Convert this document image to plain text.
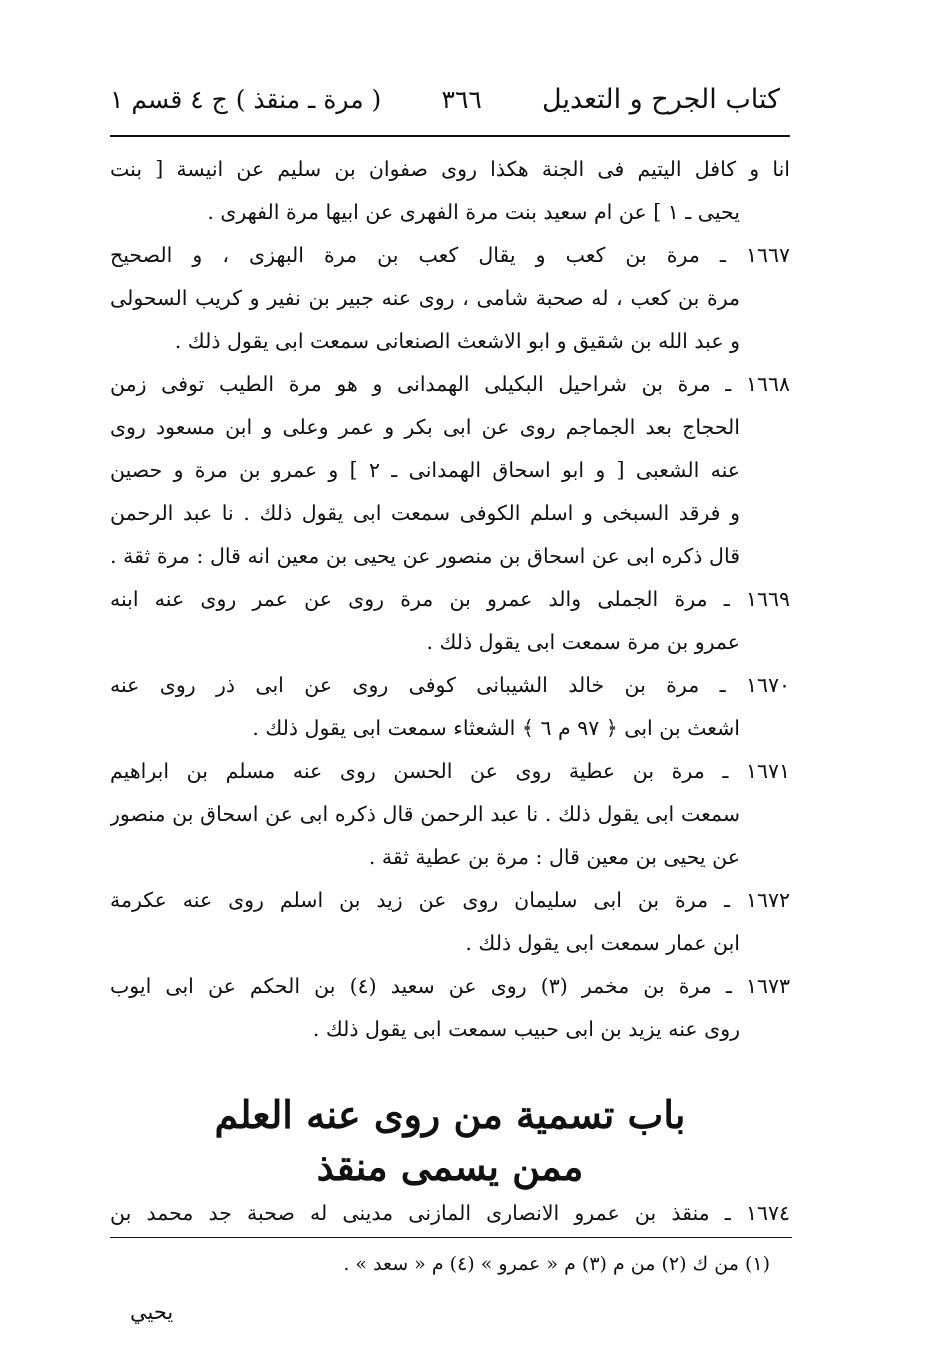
كتاب الجرح و التعديل
٣٦٦
( مرة ـ منقذ ) ج ٤ قسم ١
انا و كافل اليتيم فى الجنة هكذا روى صفوان بن سليم عن انيسة [ بنت
يحيى ـ ١ ] عن ام سعيد بنت مرة الفهرى عن ابيها مرة الفهرى .
١٦٦٧ ـ مرة بن كعب و يقال كعب بن مرة البهزى ، و الصحيح
مرة بن كعب ، له صحبة شامى ، روى عنه جبير بن نفير و كريب السحولى
و عبد الله بن شقيق و ابو الاشعث الصنعانى سمعت ابى يقول ذلك .
١٦٦٨ ـ مرة بن شراحيل البكيلى الهمدانى و هو مرة الطيب توفى زمن
الحجاج بعد الجماجم روى عن ابى بكر و عمر وعلى و ابن مسعود روى
عنه الشعبى [ و ابو اسحاق الهمدانى ـ ٢ ] و عمرو بن مرة و حصين
و فرقد السبخى و اسلم الكوفى سمعت ابى يقول ذلك . نا عبد الرحمن
قال ذكره ابى عن اسحاق بن منصور عن يحيى بن معين انه قال : مرة ثقة .
١٦٦٩ ـ مرة الجملى والد عمرو بن مرة روى عن عمر روى عنه ابنه
عمرو بن مرة سمعت ابى يقول ذلك .
١٦٧٠ ـ مرة بن خالد الشيبانى كوفى روى عن ابى ذر روى عنه
اشعث بن ابى ﴿ ٩٧ م ٦ ﴾ الشعثاء سمعت ابى يقول ذلك .
١٦٧١ ـ مرة بن عطية روى عن الحسن روى عنه مسلم بن ابراهيم
سمعت ابى يقول ذلك . نا عبد الرحمن قال ذكره ابى عن اسحاق بن منصور
عن يحيى بن معين قال : مرة بن عطية ثقة .
١٦٧٢ ـ مرة بن ابى سليمان روى عن زيد بن اسلم روى عنه عكرمة
ابن عمار سمعت ابى يقول ذلك .
١٦٧٣ ـ مرة بن مخمر (٣) روى عن سعيد (٤) بن الحكم عن ابى ايوب
روى عنه يزيد بن ابى حبيب سمعت ابى يقول ذلك .
باب تسمية من روى عنه العلم
ممن يسمى منقذ
١٦٧٤ ـ منقذ بن عمرو الانصارى المازنى مدينى له صحبة جد محمد بن
(١) من ك (٢) من م (٣) م « عمرو » (٤) م « سعد » .
يحيي
